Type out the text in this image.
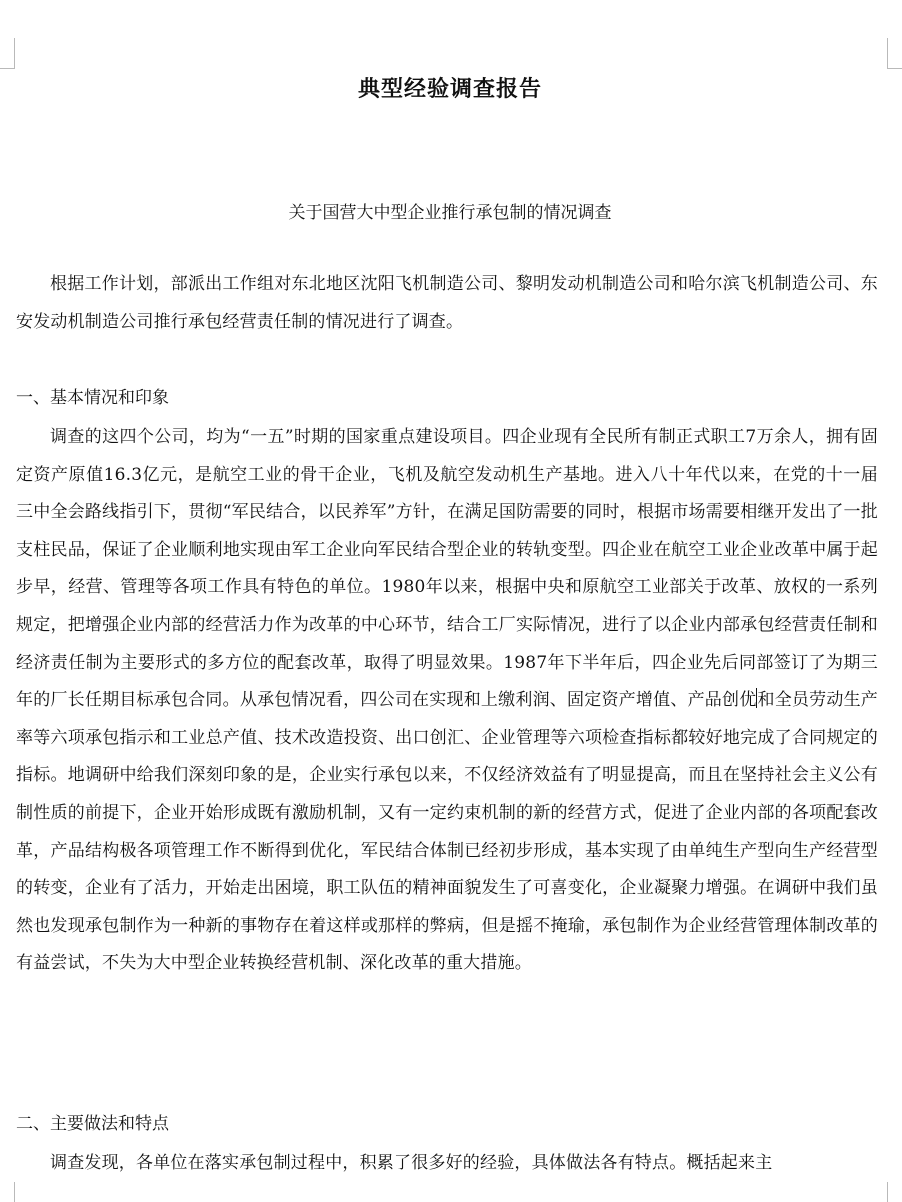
典型经验调查报告
关于国营大中型企业推行承包制的情况调查

根据工作计划，部派出工作组对东北地区沈阳飞机制造公司、黎明发动机制造公司和哈尔滨飞机制造公司、东安发动机制造公司推行承包经营责任制的情况进行了调查。

一、基本情况和印象

调查的这四个公司，均为“一五”时期的国家重点建设项目。四企业现有全民所有制正式职工7万余人，拥有固定资产原值16.3亿元，是航空工业的骨干企业，飞机及航空发动机生产基地。进入八十年代以来，在党的十一届三中全会路线指引下，贯彻“军民结合，以民养军”方针，在满足国防需要的同时，根据市场需要相继开发出了一批支柱民品，保证了企业顺利地实现由军工企业向军民结合型企业的转轨变型。四企业在航空工业企业改革中属于起步早，经营、管理等各项工作具有特色的单位。1980年以来，根据中央和原航空工业部关于改革、放权的一系列规定，把增强企业内部的经营活力作为改革的中心环节，结合工厂实际情况，进行了以企业内部承包经营责任制和经济责任制为主要形式的多方位的配套改革，取得了明显效果。1987年下半年后，四企业先后同部签订了为期三年的厂长任期目标承包合同。从承包情况看，四公司在实现和上缴利润、固定资产增值、产品创优和全员劳动生产率等六项承包指示和工业总产值、技术改造投资、出口创汇、企业管理等六项检查指标都较好地完成了合同规定的指标。地调研中给我们深刻印象的是，企业实行承包以来，不仅经济效益有了明显提高，而且在坚持社会主义公有制性质的前提下，企业开始形成既有激励机制，又有一定约束机制的新的经营方式，促进了企业内部的各项配套改革，产品结构极各项管理工作不断得到优化，军民结合体制已经初步形成，基本实现了由单纯生产型向生产经营型的转变，企业有了活力，开始走出困境，职工队伍的精神面貌发生了可喜变化，企业凝聚力增强。在调研中我们虽然也发现承包制作为一种新的事物存在着这样或那样的弊病，但是摇不掩瑜，承包制作为企业经营管理体制改革的有益尝试，不失为大中型企业转换经营机制、深化改革的重大措施。

二、主要做法和特点

调查发现，各单位在落实承包制过程中，积累了很多好的经验，具体做法各有特点。概括起来主
